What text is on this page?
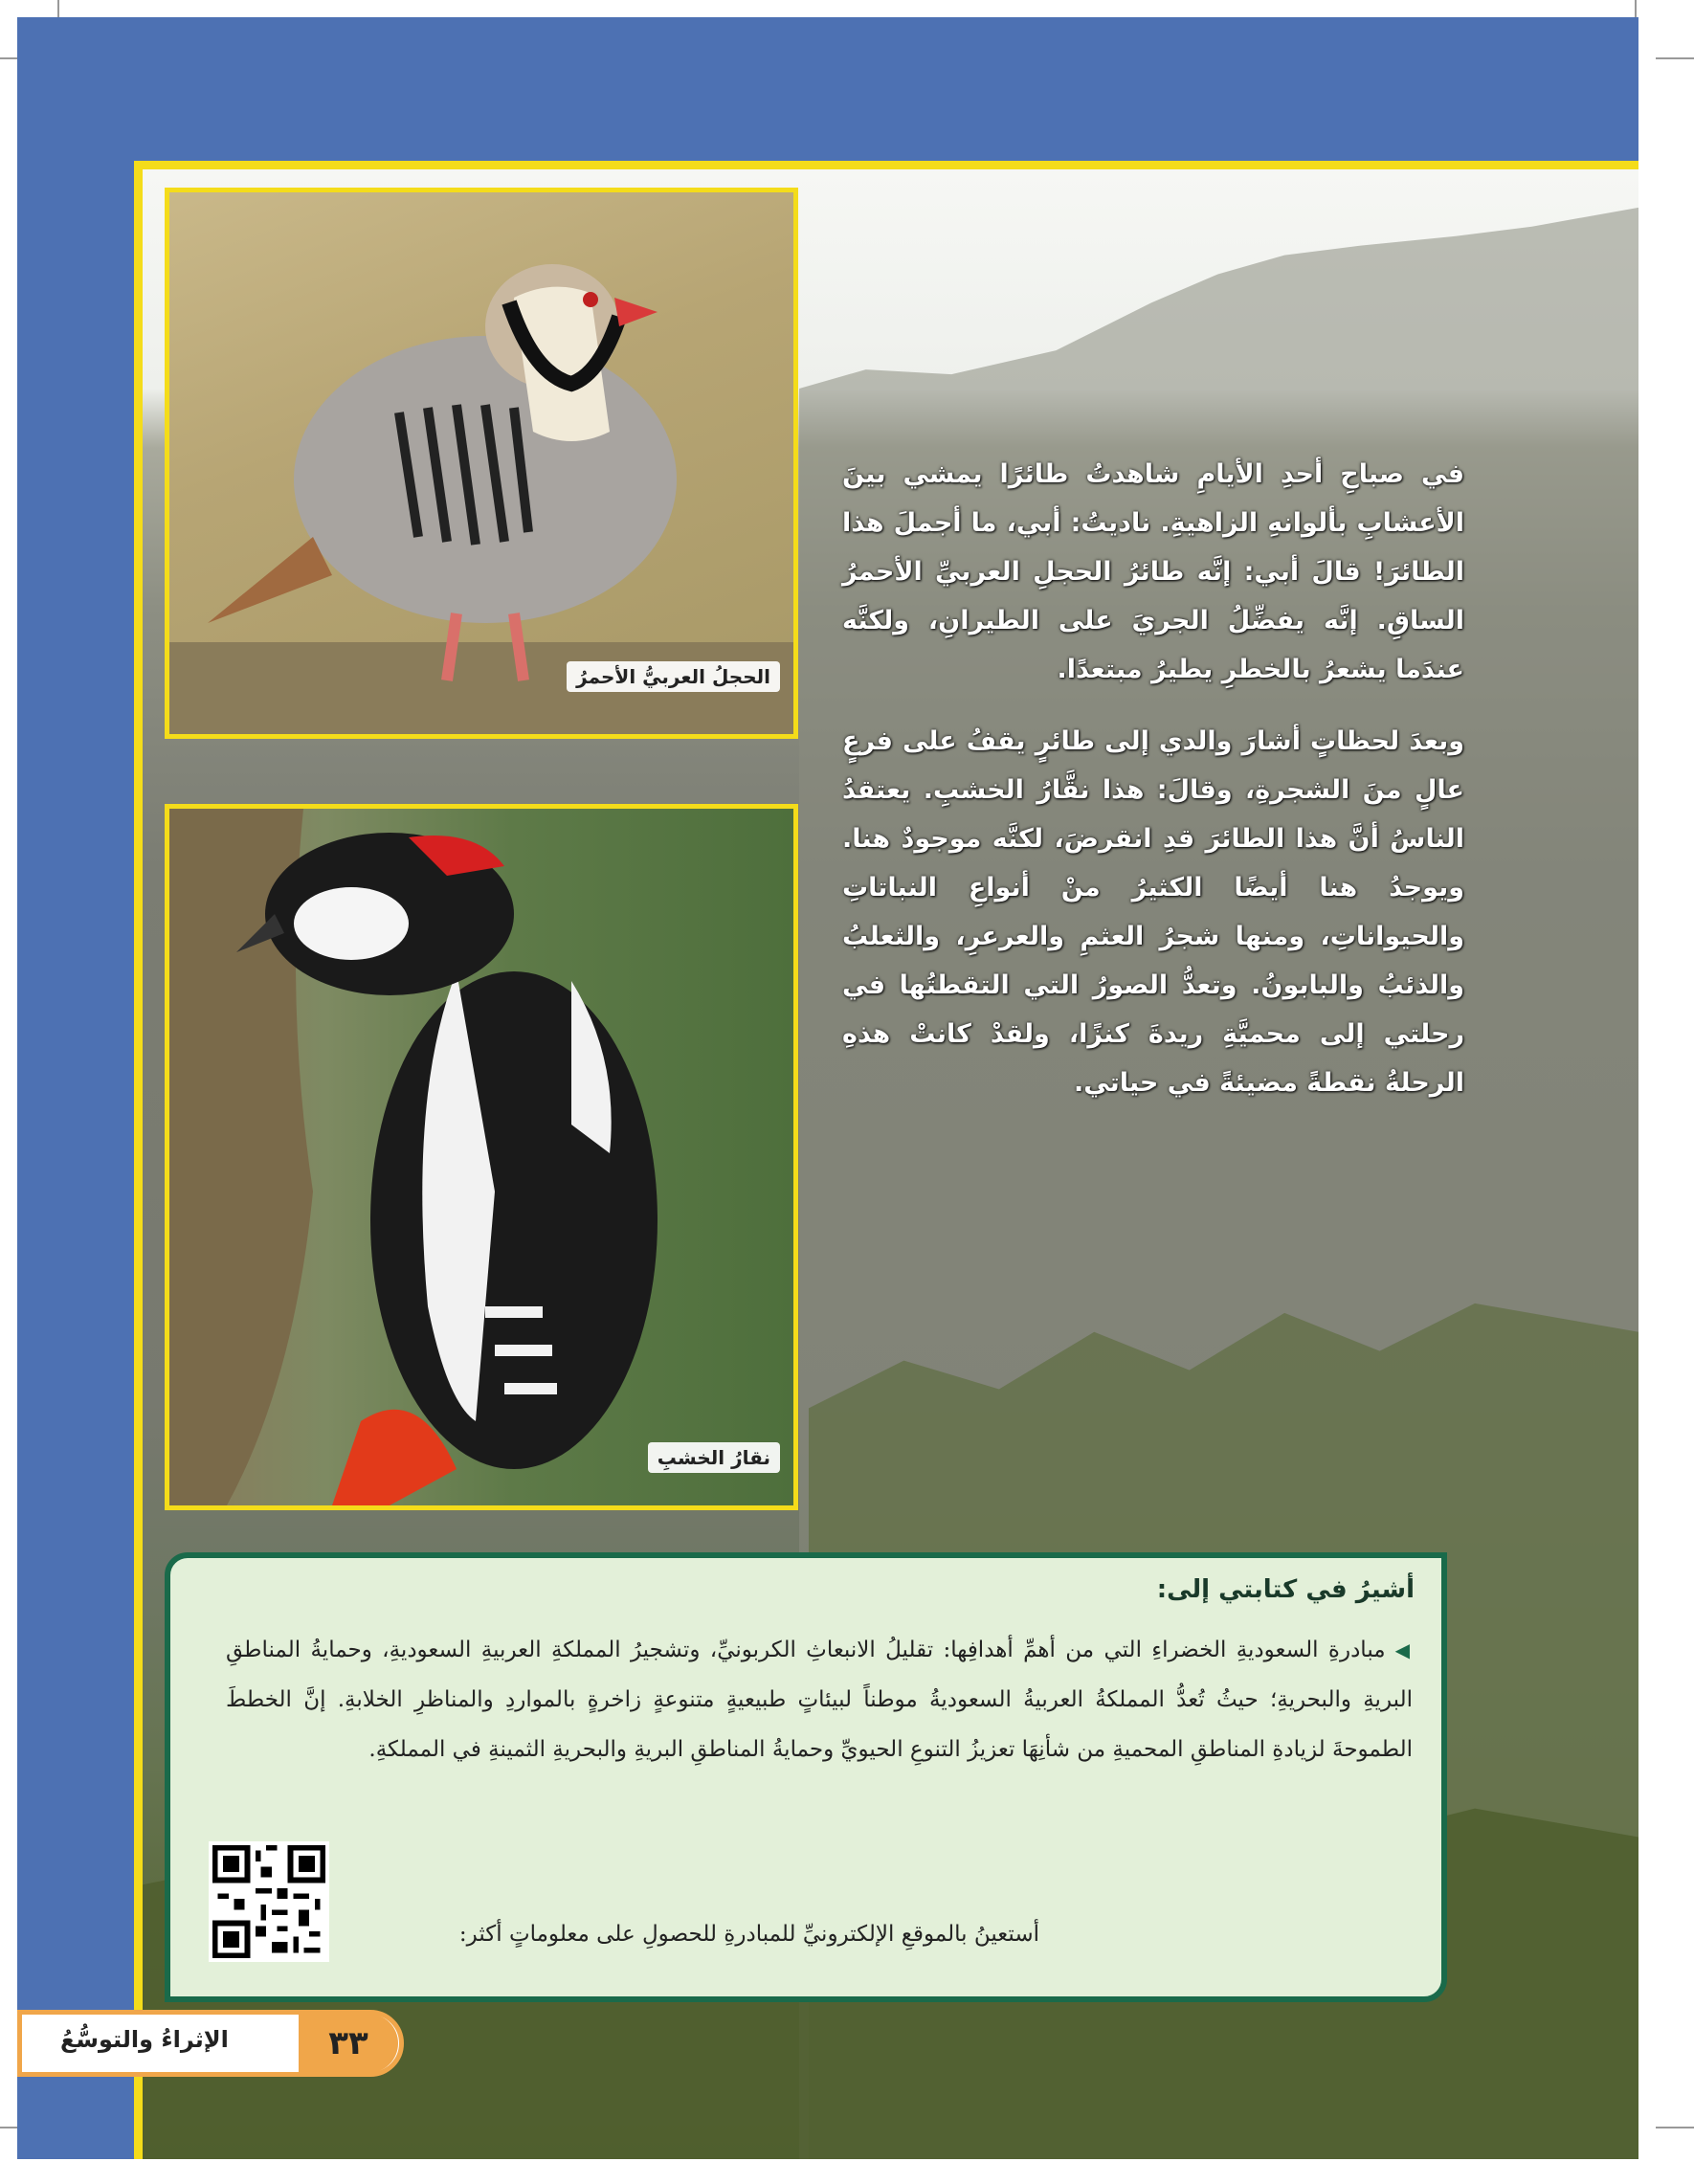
الحجلُ العربيُّ الأحمرُ
نقارُ الخشبِ

في صباحِ أحدِ الأيامِ شاهدتُ طائرًا يمشي بينَ الأعشابِ بألوانهِ الزاهيةِ. ناديتُ: أبي، ما أجملَ هذا الطائرَ! قالَ أبي: إنَّه طائرُ الحجلِ العربيِّ الأحمرُ الساقِ. إنَّه يفضِّلُ الجريَ على الطيرانِ، ولكنَّه عندَما يشعرُ بالخطرِ يطيرُ مبتعدًا.

وبعدَ لحظاتٍ أشارَ والدي إلى طائرٍ يقفُ على فرعٍ عالٍ منَ الشجرةِ، وقالَ: هذا نقَّارُ الخشبِ. يعتقدُ الناسُ أنَّ هذا الطائرَ قدِ انقرضَ، لكنَّه موجودٌ هنا. ويوجدُ هنا أيضًا الكثيرُ منْ أنواعِ النباتاتِ والحيواناتِ، ومنها شجرُ العثمِ والعرعرِ، والثعلبُ والذئبُ والبابونُ. وتعدُّ الصورُ التي التقطتُها في رحلتي إلى محميَّةِ ريدةَ كنزًا، ولقدْ كانتْ هذهِ الرحلةُ نقطةً مضيئةً في حياتي.

أشيرُ في كتابتي إلى:
◀مبادرةِ السعوديةِ الخضراءِ التي من أهمِّ أهدافِها: تقليلُ الانبعاثِ الكربونيِّ، وتشجيرُ المملكةِ العربيةِ السعوديةِ، وحمايةُ المناطقِ البريةِ والبحريةِ؛ حيثُ تُعدُّ المملكةُ العربيةُ السعوديةُ موطناً لبيئاتٍ طبيعيةٍ متنوعةٍ زاخرةٍ بالمواردِ والمناظرِ الخلابةِ. إنَّ الخططَ الطموحةَ لزيادةِ المناطقِ المحميةِ من شأنِهَا تعزيزُ التنوعِ الحيويِّ وحمايةُ المناطقِ البريةِ والبحريةِ الثمينةِ في المملكةِ.
أستعينُ بالموقعِ الإلكترونيِّ للمبادرةِ للحصولِ على معلوماتٍ أكثر:
الإثراءُ والتوسُّعُ	٣٣
